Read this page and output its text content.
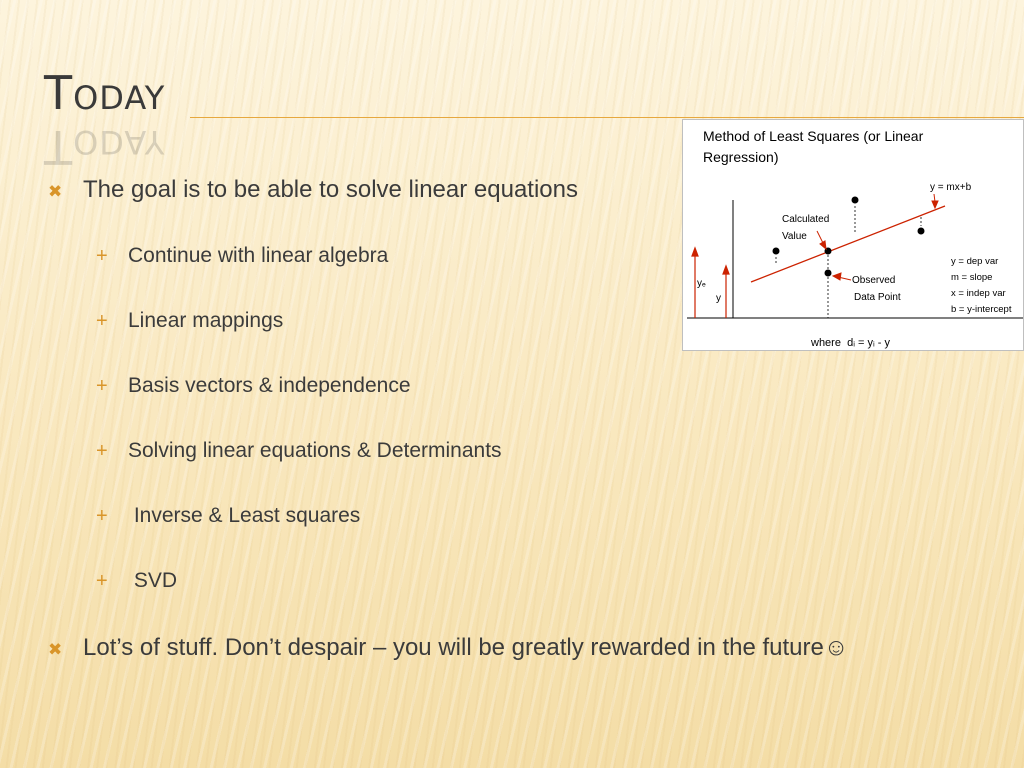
Today
Today
✖ The goal is to be able to solve linear equations
+ Continue with linear algebra
+ Linear mappings
+ Basis vectors & independence
+ Solving linear equations & Determinants
+ Inverse & Least squares
+ SVD
✖ Lot’s of stuff. Don’t despair – you will be greatly rewarded in the future☺
Method of Least Squares (or Linear
Regression)
yₑ
y
Calculated
Value
Observed
Data Point
y = mx+b
y = dep var
m = slope
x = indep var
b = y-intercept
where  dᵢ = yᵢ - y
